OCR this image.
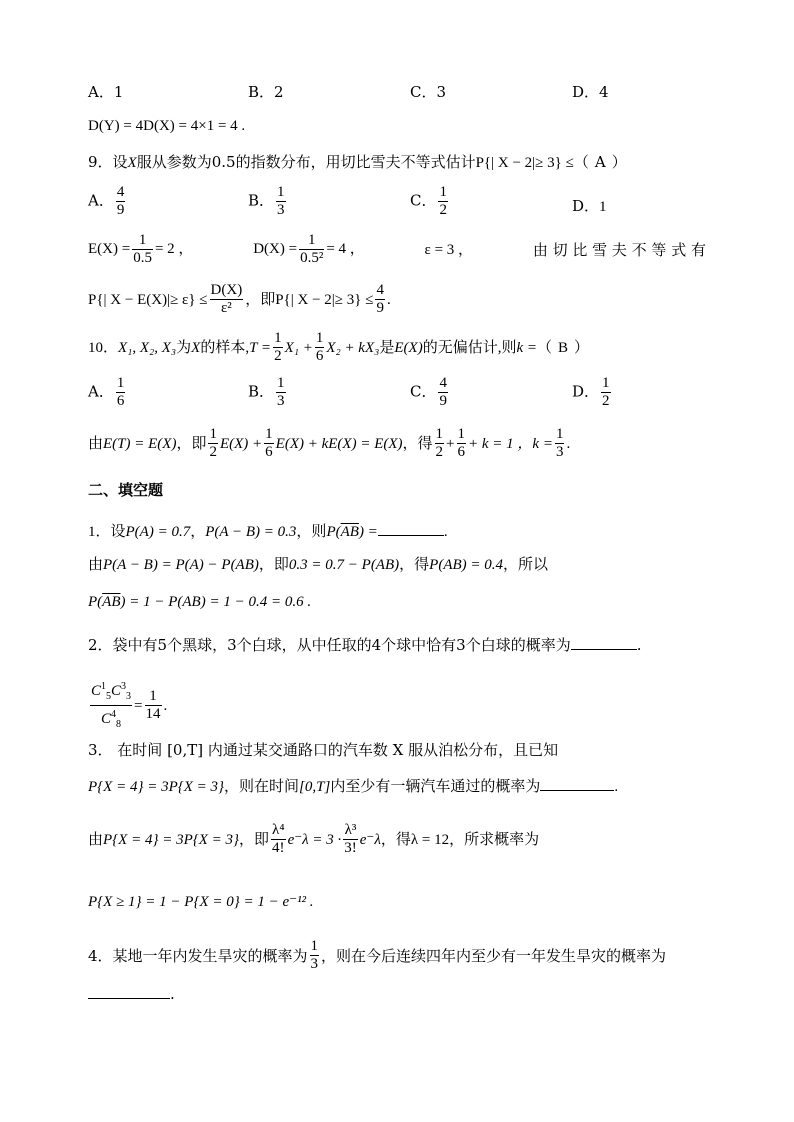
A．1	B．2	C．3	D．4
D(Y) = 4D(X) = 4×1 = 4 .
9．设X服从参数为0.5的指数分布，用切比雪夫不等式估计P{| X − 2|≥ 3} ≤（ A ）
A． $\frac{4}{9}$	B． $\frac{1}{3}$	C． $\frac{1}{2}$	D．1
$E(X) = \frac{1}{0.5} = 2$ ，	$D(X) = \frac{1}{\text{0.5²}} = 4$ ，	ε = 3 ，	由 切 比 雪 夫 不 等 式 有
P{| $X - E(X)|\ge \varepsilon\} \le \frac{D(X)}{\text{ε²}}$ ，即 P{| $X - 2|\ge 3\} \le \frac{4}{9}$ .
10． X₁, X₂, X₃ 为 X 的样本, $T = \frac{1}{2} X_1 + \frac{1}{6} X_2 + kX_3$ 是 E(X) 的无偏估计,则 k = （ B ）
A． $\frac{1}{6}$	B． $\frac{1}{3}$	C． $\frac{4}{9}$	D． $\frac{1}{2}$
由 E(T) = E(X) ，即 $\frac{1}{2} E(X) + \frac{1}{6} E(X) + kE(X) = E(X)$ ，得 $\frac{1}{2} + \frac{1}{6} + k = 1$ ， $k = \frac{1}{3}$ .
二、填空题
1．设P(A) = 0.7，P(A − B) = 0.3，则$P(\overline{AB})$ =	.
由P(A − B) = P(A) − P(AB)，即0.3 = 0.7 − P(AB)，得P(AB) = 0.4，所以
$P(\overline{AB}) = 1 - P(AB) = 1 - 0.4 = 0.6$ .
2．袋中有5个黑球，3个白球，从中任取的4个球中恰有3个白球的概率为	.
$\frac{C^1_5C^3_3}{C^4_8} = \frac{1}{14}$ .
3． 在时间 [0,T] 内通过某交通路口的汽车数 X 服从泊松分布，且已知
P{X = 4} = 3P{X = 3}，则在时间[0,T]内至少有一辆汽车通过的概率为	.
由 P{X = 4} = 3P{X = 3} ，即 $\frac{\text{λ⁴}}{4!} e^-\lambda = 3 \cdot \frac{\text{λ³}}{3!} e^-\lambda$ ，得 λ = 12 ，所求概率为
P{X ≥ 1} = 1 − P{X = 0} = 1 − e⁻¹² .
4．某地一年内发生旱灾的概率为 $\frac{1}{3}$ ，则在今后连续四年内至少有一年发生旱灾的概率为
.
